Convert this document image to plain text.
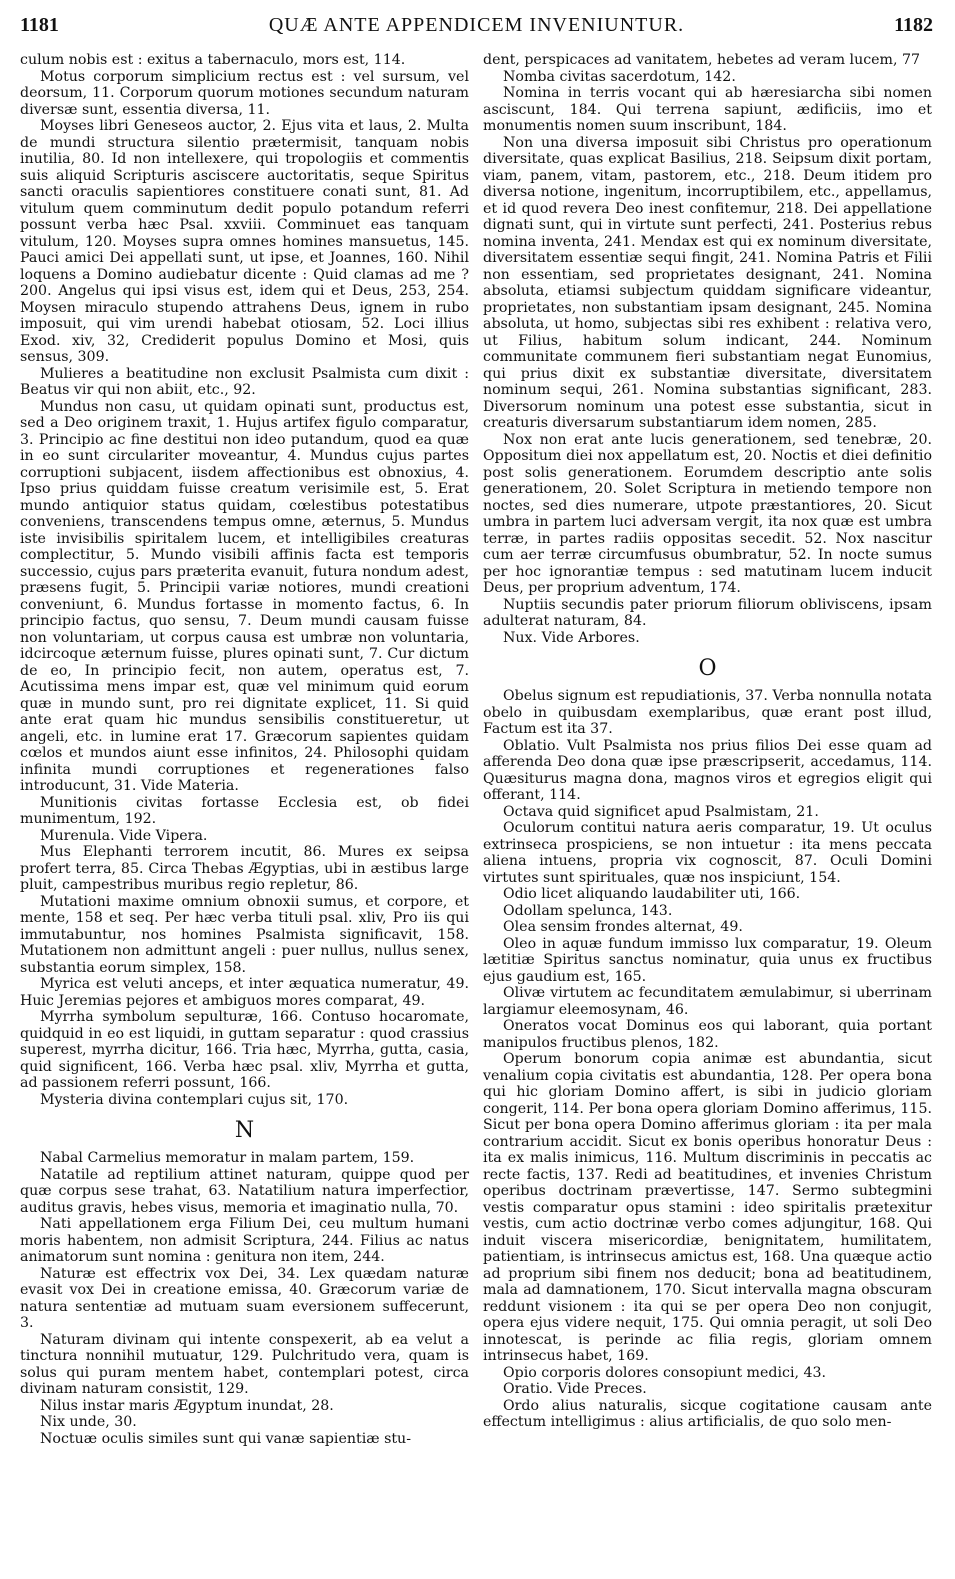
1181	QUÆ ANTE APPENDICEM INVENIUNTUR.	1182

culum nobis est : exitus a tabernaculo, mors est, 114.

Motus corporum simplicium rectus est : vel sursum, vel deorsum, 11. Corporum quorum motiones secundum naturam diversæ sunt, essentia diversa, 11.

Moyses libri Geneseos auctor, 2. Ejus vita et laus, 2. Multa de mundi structura silentio prætermisit, tanquam nobis inutilia, 80. Id non intellexere, qui tropologiis et commentis suis aliquid Scripturis asciscere auctoritatis, seque Spiritus sancti oraculis sapientiores constituere conati sunt, 81. Ad vitulum quem comminutum dedit populo potandum referri possunt verba hæc Psal. xxviii. Comminuet eas tanquam vitulum, 120. Moyses supra omnes homines mansuetus, 145. Pauci amici Dei appellati sunt, ut ipse, et Joannes, 160. Nihil loquens a Domino audiebatur dicente : Quid clamas ad me ? 200. Angelus qui ipsi visus est, idem qui et Deus, 253, 254. Moysen miraculo stupendo attrahens Deus, ignem in rubo imposuit, qui vim urendi habebat otiosam, 52. Loci illius Exod. xiv, 32, Crediderit populus Domino et Mosi, quis sensus, 309.

Mulieres a beatitudine non exclusit Psalmista cum dixit : Beatus vir qui non abiit, etc., 92.

Mundus non casu, ut quidam opinati sunt, productus est, sed a Deo originem traxit, 1. Hujus artifex figulo comparatur, 3. Principio ac fine destitui non ideo putandum, quod ea quæ in eo sunt circulariter moveantur, 4. Mundus cujus partes corruptioni subjacent, iisdem affectionibus est obnoxius, 4. Ipso prius quiddam fuisse creatum verisimile est, 5. Erat mundo antiquior status quidam, cœlestibus potestatibus conveniens, transcendens tempus omne, æternus, 5. Mundus iste invisibilis spiritalem lucem, et intelligibiles creaturas complectitur, 5. Mundo visibili affinis facta est temporis successio, cujus pars præterita evanuit, futura nondum adest, præsens fugit, 5. Principii variæ notiores, mundi creationi conveniunt, 6. Mundus fortasse in momento factus, 6. In principio factus, quo sensu, 7. Deum mundi causam fuisse non voluntariam, ut corpus causa est umbræ non voluntaria, idcircoque æternum fuisse, plures opinati sunt, 7. Cur dictum de eo, In principio fecit, non autem, operatus est, 7. Acutissima mens impar est, quæ vel minimum quid eorum quæ in mundo sunt, pro rei dignitate explicet, 11. Si quid ante erat quam hic mundus sensibilis constitueretur, ut angeli, etc. in lumine erat 17. Græcorum sapientes quidam cœlos et mundos aiunt esse infinitos, 24. Philosophi quidam infinita mundi corruptiones et regenerationes falso introducunt, 31. Vide Materia.

Munitionis civitas fortasse Ecclesia est, ob fidei munimentum, 192.

Murenula. Vide Vipera.

Mus Elephanti terrorem incutit, 86. Mures ex seipsa profert terra, 85. Circa Thebas Ægyptias, ubi in æstibus large pluit, campestribus muribus regio repletur, 86.

Mutationi maxime omnium obnoxii sumus, et corpore, et mente, 158 et seq. Per hæc verba tituli psal. xliv, Pro iis qui immutabuntur, nos homines Psalmista significavit, 158. Mutationem non admittunt angeli : puer nullus, nullus senex, substantia eorum simplex, 158.

Myrica est veluti anceps, et inter æquatica numeratur, 49. Huic Jeremias pejores et ambiguos mores comparat, 49.

Myrrha symbolum sepulturæ, 166. Contuso hocaromate, quidquid in eo est liquidi, in guttam separatur : quod crassius superest, myrrha dicitur, 166. Tria hæc, Myrrha, gutta, casia, quid significent, 166. Verba hæc psal. xliv, Myrrha et gutta, ad passionem referri possunt, 166.

Mysteria divina contemplari cujus sit, 170.

N

Nabal Carmelius memoratur in malam partem, 159.

Natatile ad reptilium attinet naturam, quippe quod per quæ corpus sese trahat, 63. Natatilium natura imperfectior, auditus gravis, hebes visus, memoria et imaginatio nulla, 70.

Nati appellationem erga Filium Dei, ceu multum humani moris habentem, non admisit Scriptura, 244. Filius ac natus animatorum sunt nomina : genitura non item, 244.

Naturæ est effectrix vox Dei, 34. Lex quædam naturæ evasit vox Dei in creatione emissa, 40. Græcorum variæ de natura sententiæ ad mutuam suam eversionem suffecerunt, 3.

Naturam divinam qui intente conspexerit, ab ea velut a tinctura nonnihil mutuatur, 129. Pulchritudo vera, quam is solus qui puram mentem habet, contemplari potest, circa divinam naturam consistit, 129.

Nilus instar maris Ægyptum inundat, 28.

Nix unde, 30.

Noctuæ oculis similes sunt qui vanæ sapientiæ stu-

dent, perspicaces ad vanitatem, hebetes ad veram lucem, 77

Nomba civitas sacerdotum, 142.

Nomina in terris vocant qui ab hæresiarcha sibi nomen asciscunt, 184. Qui terrena sapiunt, ædificiis, imo et monumentis nomen suum inscribunt, 184.

Non una diversa imposuit sibi Christus pro operationum diversitate, quas explicat Basilius, 218. Seipsum dixit portam, viam, panem, vitam, pastorem, etc., 218. Deum itidem pro diversa notione, ingenitum, incorruptibilem, etc., appellamus, et id quod revera Deo inest confitemur, 218. Dei appellatione dignati sunt, qui in virtute sunt perfecti, 241. Posterius rebus nomina inventa, 241. Mendax est qui ex nominum diversitate, diversitatem essentiæ sequi fingit, 241. Nomina Patris et Filii non essentiam, sed proprietates designant, 241. Nomina absoluta, etiamsi subjectum quiddam significare videantur, proprietates, non substantiam ipsam designant, 245. Nomina absoluta, ut homo, subjectas sibi res exhibent : relativa vero, ut Filius, habitum solum indicant, 244. Nominum communitate communem fieri substantiam negat Eunomius, qui prius dixit ex substantiæ diversitate, diversitatem nominum sequi, 261. Nomina substantias significant, 283. Diversorum nominum una potest esse substantia, sicut in creaturis diversarum substantiarum idem nomen, 285.

Nox non erat ante lucis generationem, sed tenebræ, 20. Oppositum diei nox appellatum est, 20. Noctis et diei definitio post solis generationem. Eorumdem descriptio ante solis generationem, 20. Solet Scriptura in metiendo tempore non noctes, sed dies numerare, utpote præstantiores, 20. Sicut umbra in partem luci adversam vergit, ita nox quæ est umbra terræ, in partes radiis oppositas secedit. 52. Nox nascitur cum aer terræ circumfusus obumbratur, 52. In nocte sumus per hoc ignorantiæ tempus : sed matutinam lucem inducit Deus, per proprium adventum, 174.

Nuptiis secundis pater priorum filiorum obliviscens, ipsam adulterat naturam, 84.

Nux. Vide Arbores.

O

Obelus signum est repudiationis, 37. Verba nonnulla notata obelo in quibusdam exemplaribus, quæ erant post illud, Factum est ita 37.

Oblatio. Vult Psalmista nos prius filios Dei esse quam ad afferenda Deo dona quæ ipse præscripserit, accedamus, 114. Quæsiturus magna dona, magnos viros et egregios eligit qui offerant, 114.

Octava quid significet apud Psalmistam, 21.

Oculorum contitui natura aeris comparatur, 19. Ut oculus extrinseca prospiciens, se non intuetur : ita mens peccata aliena intuens, propria vix cognoscit, 87. Oculi Domini virtutes sunt spirituales, quæ nos inspiciunt, 154.

Odio licet aliquando laudabiliter uti, 166.

Odollam spelunca, 143.

Olea sensim frondes alternat, 49.

Oleo in aquæ fundum immisso lux comparatur, 19. Oleum lætitiæ Spiritus sanctus nominatur, quia unus ex fructibus ejus gaudium est, 165.

Olivæ virtutem ac fecunditatem æmulabimur, si uberrinam largiamur eleemosynam, 46.

Oneratos vocat Dominus eos qui laborant, quia portant manipulos fructibus plenos, 182.

Operum bonorum copia animæ est abundantia, sicut venalium copia civitatis est abundantia, 128. Per opera bona qui hic gloriam Domino affert, is sibi in judicio gloriam congerit, 114. Per bona opera gloriam Domino afferimus, 115. Sicut per bona opera Domino afferimus gloriam : ita per mala contrarium accidit. Sicut ex bonis operibus honoratur Deus : ita ex malis inimicus, 116. Multum discriminis in peccatis ac recte factis, 137. Redi ad beatitudines, et invenies Christum operibus doctrinam prævertisse, 147. Sermo subtegmini vestis comparatur opus stamini : ideo spiritalis prætexitur vestis, cum actio doctrinæ verbo comes adjungitur, 168. Qui induit viscera misericordiæ, benignitatem, humilitatem, patientiam, is intrinsecus amictus est, 168. Una quæque actio ad proprium sibi finem nos deducit; bona ad beatitudinem, mala ad damnationem, 170. Sicut intervalla magna obscuram reddunt visionem : ita qui se per opera Deo non conjugit, opera ejus videre nequit, 175. Qui omnia peragit, ut soli Deo innotescat, is perinde ac filia regis, gloriam omnem intrinsecus habet, 169.

Opio corporis dolores consopiunt medici, 43.

Oratio. Vide Preces.

Ordo alius naturalis, sicque cogitatione causam ante effectum intelligimus : alius artificialis, de quo solo men-
